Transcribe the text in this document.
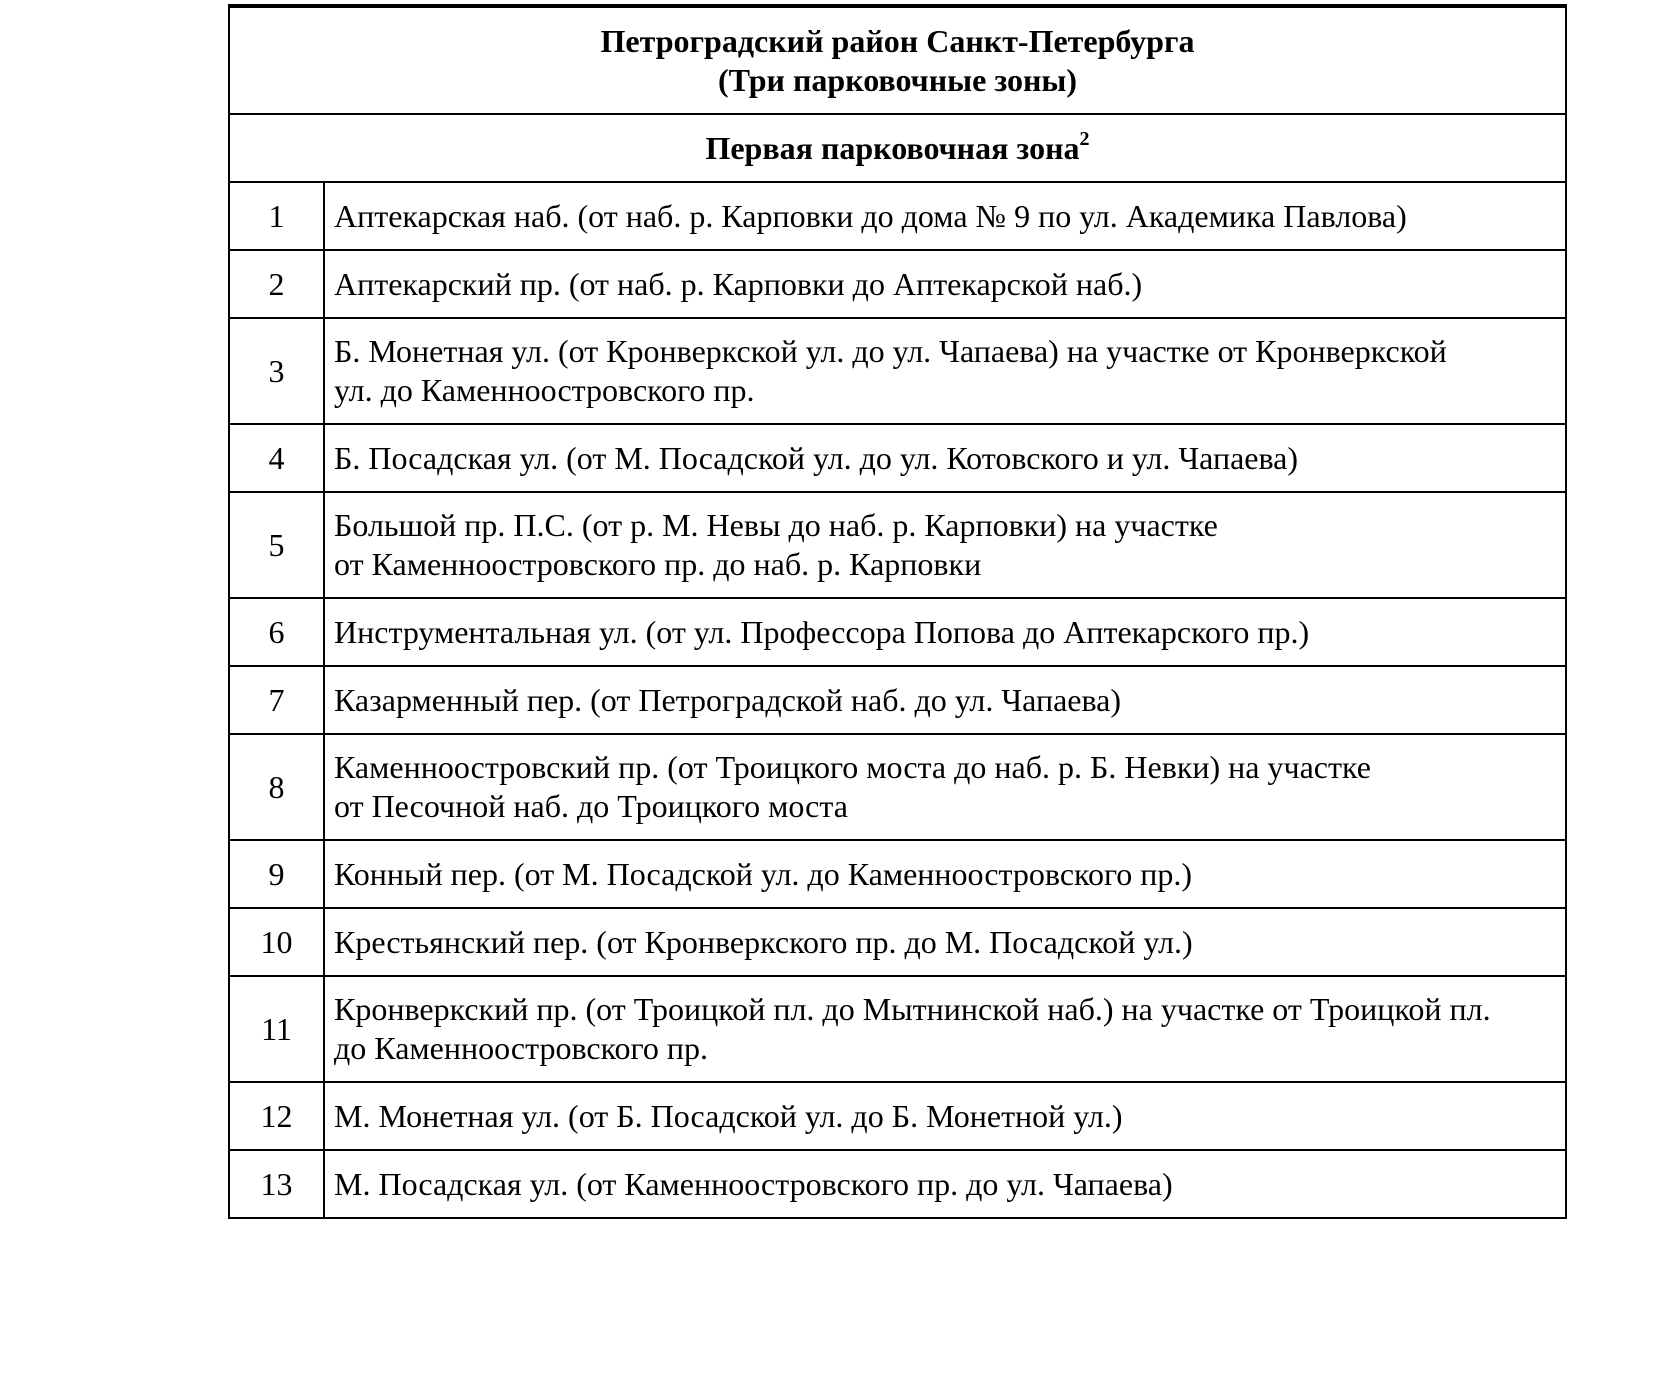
Петроградский район Санкт-Петербурга
(Три парковочные зоны)	

Первая парковочная зона$^2$
1	Аптекарская наб. (от наб. р. Карповки до дома № 9 по ул. Академика Павлова)

2	Аптекарский пр. (от наб. р. Карповки до Аптекарской наб.)

3	Б. Монетная ул. (от Кронверкской ул. до ул. Чапаева) на участке от Кронверкской
ул. до Каменноостровского пр.

4	Б. Посадская ул. (от М. Посадской ул. до ул. Котовского и ул. Чапаева)

5	Большой пр. П.С. (от р. М. Невы до наб. р. Карповки) на участке
от Каменноостровского пр. до наб. р. Карповки

6	Инструментальная ул. (от ул. Профессора Попова до Аптекарского пр.)

7	Казарменный пер. (от Петроградской наб. до ул. Чапаева)

8	Каменноостровский пр. (от Троицкого моста до наб. р. Б. Невки) на участке
от Песочной наб. до Троицкого моста

9	Конный пер. (от М. Посадской ул. до Каменноостровского пр.)

10	Крестьянский пер. (от Кронверкского пр. до М. Посадской ул.)

11	Кронверкский пр. (от Троицкой пл. до Мытнинской наб.) на участке от Троицкой пл.
до Каменноостровского пр.

12	М. Монетная ул. (от Б. Посадской ул. до Б. Монетной ул.)

13	М. Посадская ул. (от Каменноостровского пр. до ул. Чапаева)
